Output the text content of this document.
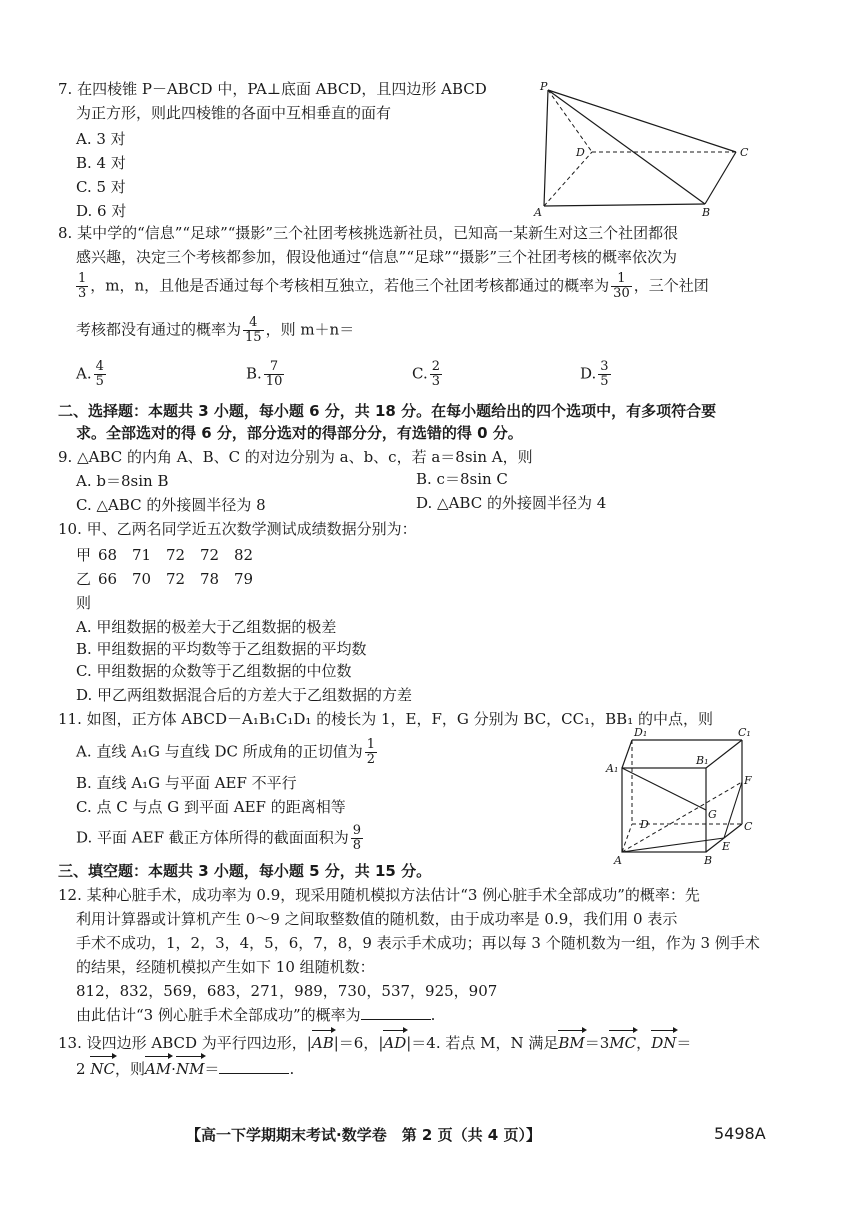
7. 在四棱锥 P－ABCD 中，PA⊥底面 ABCD，且四边形 ABCD
为正方形，则此四棱锥的各面中互相垂直的面有
A. 3 对
B. 4 对
C. 5 对
D. 6 对
P
A	B
C
D
8. 某中学的“信息”“足球”“摄影”三个社团考核挑选新社员，已知高一某新生对这三个社团都很
感兴趣，决定三个考核都参加，假设他通过“信息”“足球”“摄影”三个社团考核的概率依次为
$\frac{1}{3}$ ，m，n，且他是否通过每个考核相互独立，若他三个社团考核都通过的概率为 $\frac{1}{30}$ ，三个社团
考核都没有通过的概率为 $\frac{4}{15}$ ，则 m＋n＝
A. $\frac{4}{5}$	B. $\frac{7}{10}$	C. $\frac{2}{3}$	D. $\frac{3}{5}$
二、选择题：本题共 3 小题，每小题 6 分，共 18 分。在每小题给出的四个选项中，有多项符合要
求。全部选对的得 6 分，部分选对的得部分分，有选错的得 0 分。
9. △ABC 的内角 A、B、C 的对边分别为 a、b、c，若 a＝8sin A，则
A. b＝8sin B	B. c＝8sin C
C. △ABC 的外接圆半径为 8	D. △ABC 的外接圆半径为 4
10. 甲、乙两名同学近五次数学测试成绩数据分别为：
甲 68 71 72 72 82
乙 66 70 72 78 79
则
A. 甲组数据的极差大于乙组数据的极差
B. 甲组数据的平均数等于乙组数据的平均数
C. 甲组数据的众数等于乙组数据的中位数
D. 甲乙两组数据混合后的方差大于乙组数据的方差
11. 如图，正方体 ABCD－A₁B₁C₁D₁ 的棱长为 1，E，F，G 分别为 BC，CC₁，BB₁ 的中点，则
A. 直线 A₁G 与直线 DC 所成角的正切值为 $\frac{1}{2}$
B. 直线 A₁G 与平面 AEF 不平行
C. 点 C 与点 G 到平面 AEF 的距离相等
D. 平面 AEF 截正方体所得的截面面积为 $\frac{9}{8}$
D₁	C₁
A₁
B₁
F
G
D	C
E
A	B
三、填空题：本题共 3 小题，每小题 5 分，共 15 分。
12. 某种心脏手术，成功率为 0.9，现采用随机模拟方法估计“3 例心脏手术全部成功”的概率：先
利用计算器或计算机产生 0～9 之间取整数值的随机数，由于成功率是 0.9，我们用 0 表示
手术不成功，1，2，3，4，5，6，7，8，9 表示手术成功；再以每 3 个随机数为一组，作为 3 例手术
的结果，经随机模拟产生如下 10 组随机数：
812，832，569，683，271，989，730，537，925，907
由此估计“3 例心脏手术全部成功”的概率为	.
13. 设四边形 ABCD 为平行四边形，|AB|＝6，|AD|＝4. 若点 M，N 满足BM＝3MC，DN＝
2 NC，则AM·NM＝	.
【高一下学期期末考试·数学卷　第 2 页（共 4 页）】	5498A
